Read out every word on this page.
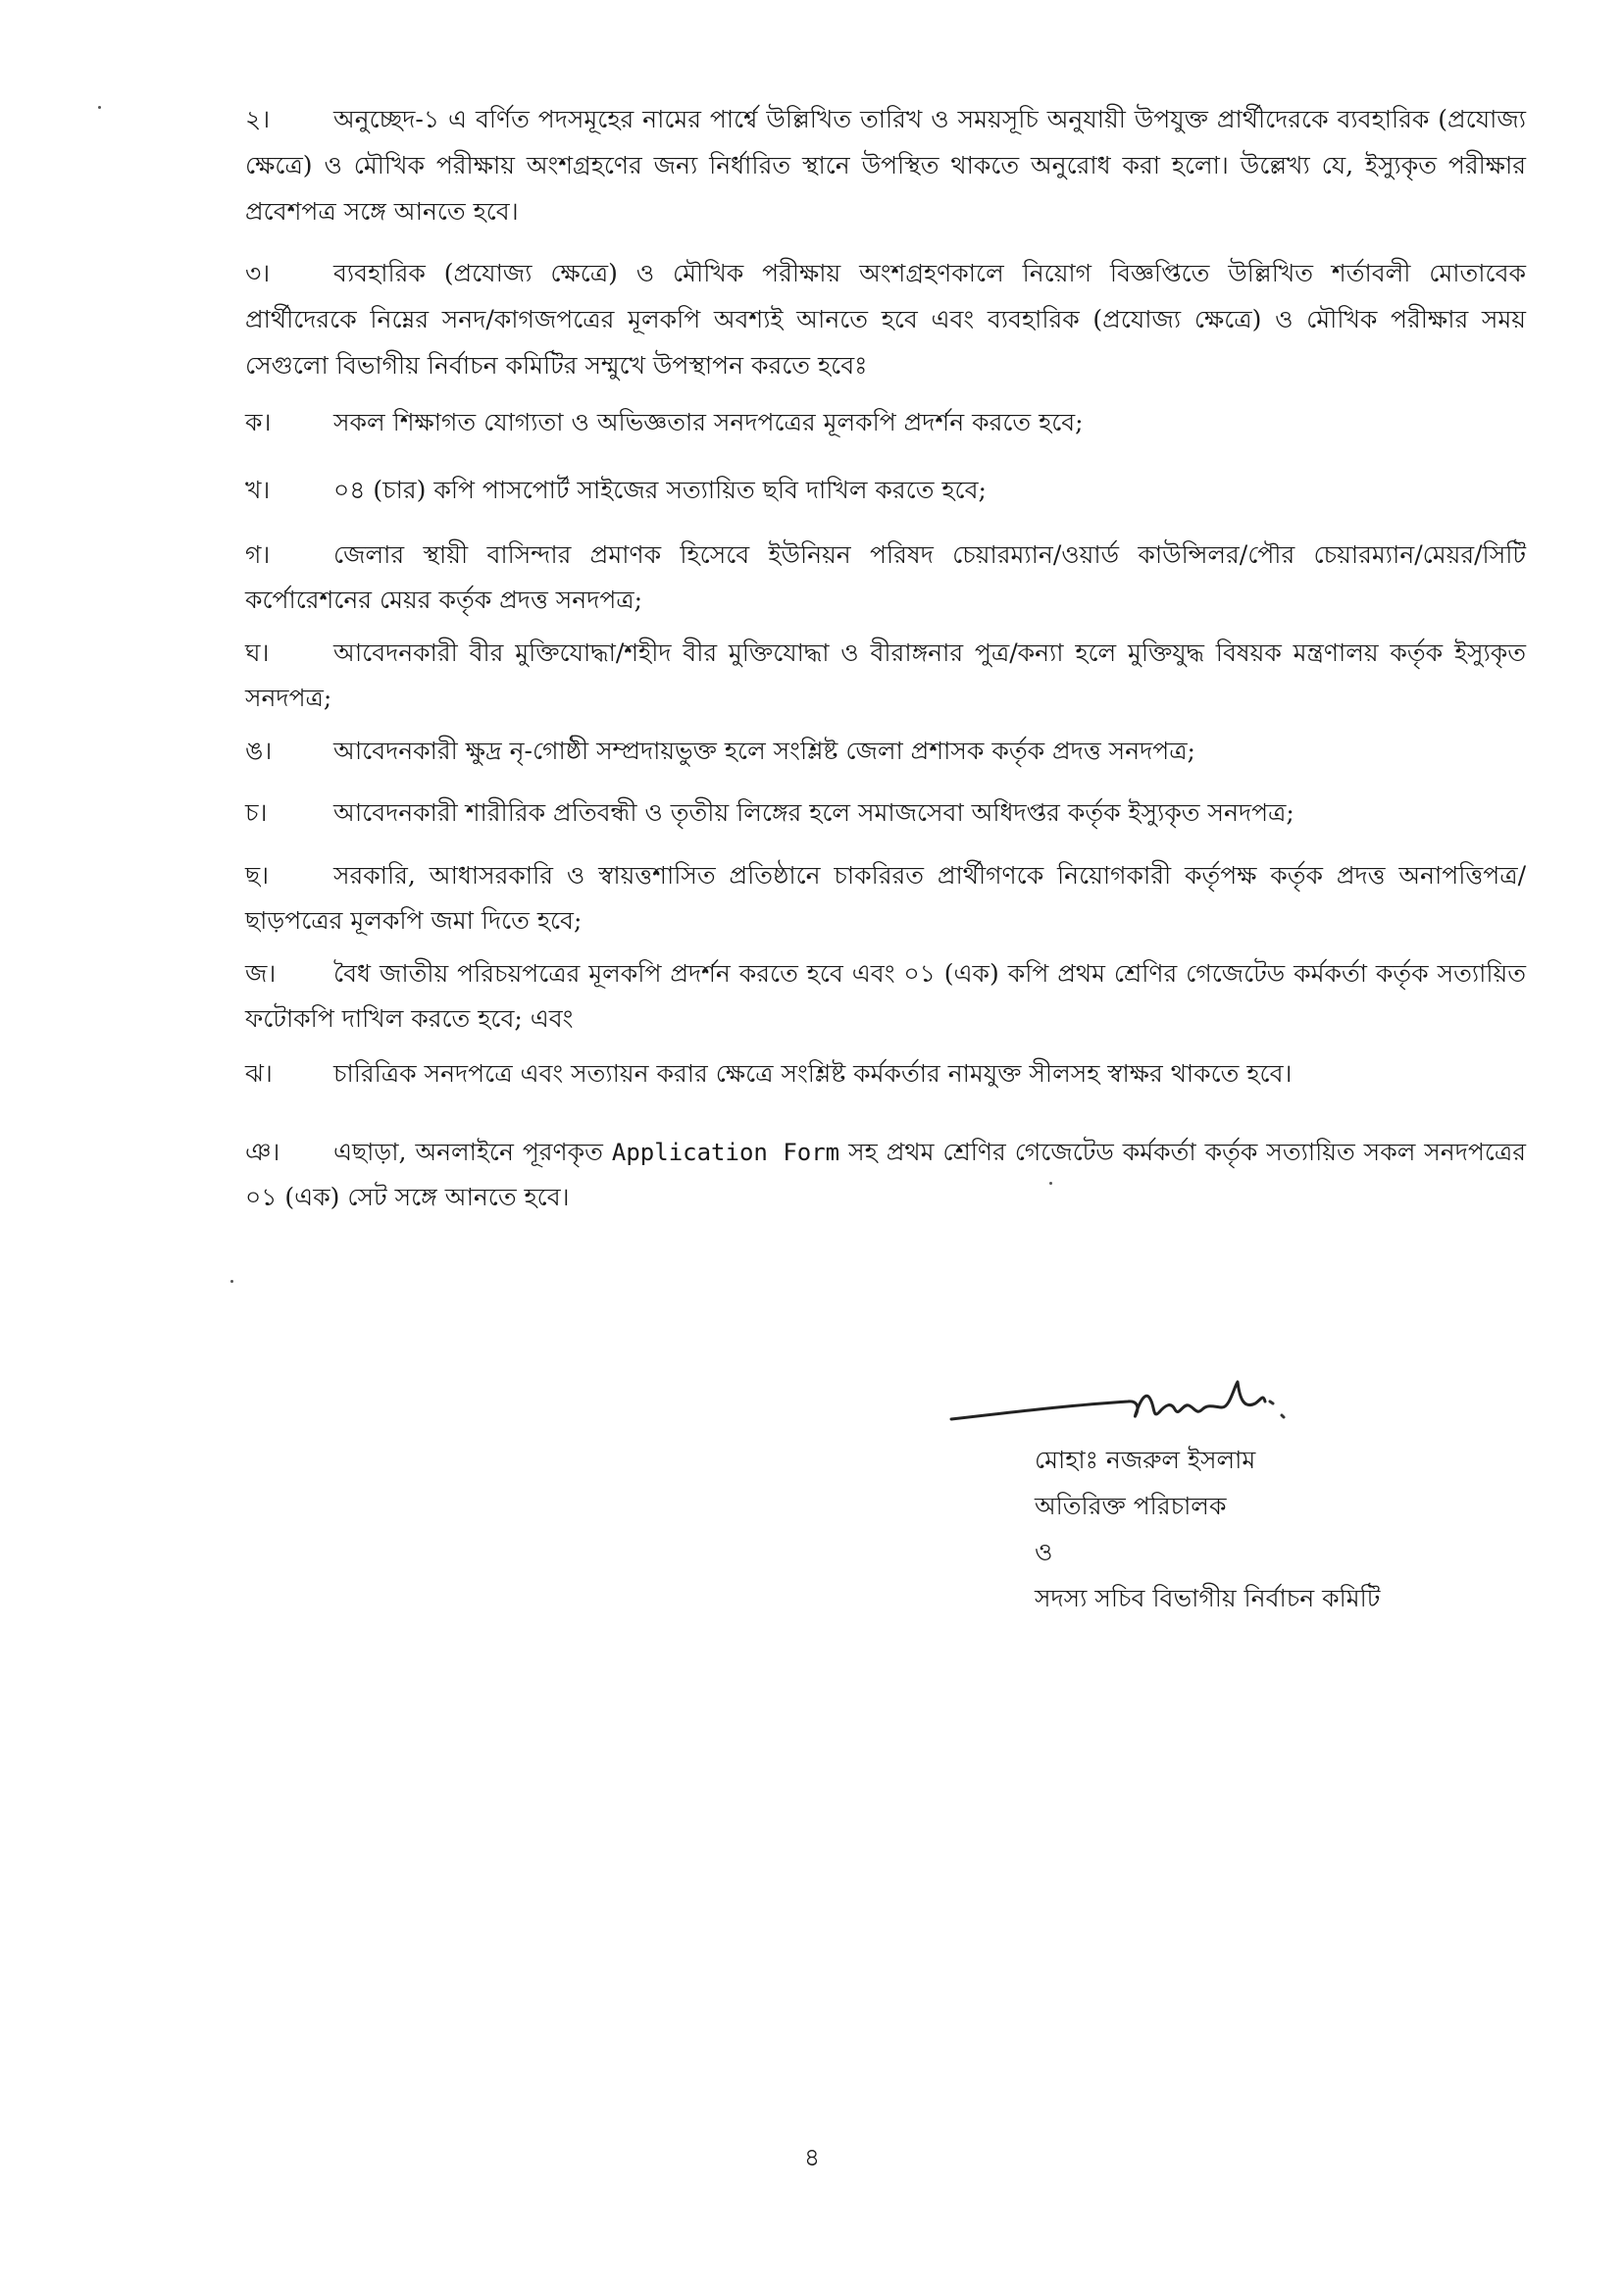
২।	অনুচ্ছেদ-১ এ বর্ণিত পদসমূহের নামের পার্শ্বে উল্লিখিত তারিখ ও সময়সূচি অনুযায়ী উপযুক্ত প্রার্থীদেরকে ব্যবহারিক (প্রযোজ্য ক্ষেত্রে) ও মৌখিক পরীক্ষায় অংশগ্রহণের জন্য নির্ধারিত স্থানে উপস্থিত থাকতে অনুরোধ করা হলো। উল্লেখ্য যে, ইস্যুকৃত পরীক্ষার প্রবেশপত্র সঙ্গে আনতে হবে।
৩।	ব্যবহারিক (প্রযোজ্য ক্ষেত্রে) ও মৌখিক পরীক্ষায় অংশগ্রহণকালে নিয়োগ বিজ্ঞপ্তিতে উল্লিখিত শর্তাবলী মোতাবেক প্রার্থীদেরকে নিম্নের সনদ/কাগজপত্রের মূলকপি অবশ্যই আনতে হবে এবং ব্যবহারিক (প্রযোজ্য ক্ষেত্রে) ও মৌখিক পরীক্ষার সময় সেগুলো বিভাগীয় নির্বাচন কমিটির সম্মুখে উপস্থাপন করতে হবেঃ
ক।	সকল শিক্ষাগত যোগ্যতা ও অভিজ্ঞতার সনদপত্রের মূলকপি প্রদর্শন করতে হবে;
খ।	০৪ (চার) কপি পাসপোর্ট সাইজের সত্যায়িত ছবি দাখিল করতে হবে;
গ।	জেলার স্থায়ী বাসিন্দার প্রমাণক হিসেবে ইউনিয়ন পরিষদ চেয়ারম্যান/ওয়ার্ড কাউন্সিলর/পৌর চেয়ারম্যান/মেয়র/সিটি কর্পোরেশনের মেয়র কর্তৃক প্রদত্ত সনদপত্র;
ঘ।	আবেদনকারী বীর মুক্তিযোদ্ধা/শহীদ বীর মুক্তিযোদ্ধা ও বীরাঙ্গনার পুত্র/কন্যা হলে মুক্তিযুদ্ধ বিষয়ক মন্ত্রণালয় কর্তৃক ইস্যুকৃত সনদপত্র;
ঙ।	আবেদনকারী ক্ষুদ্র নৃ-গোষ্ঠী সম্প্রদায়ভুক্ত হলে সংশ্লিষ্ট জেলা প্রশাসক কর্তৃক প্রদত্ত সনদপত্র;
চ।	আবেদনকারী শারীরিক প্রতিবন্ধী ও তৃতীয় লিঙ্গের হলে সমাজসেবা অধিদপ্তর কর্তৃক ইস্যুকৃত সনদপত্র;
ছ।	সরকারি, আধাসরকারি ও স্বায়ত্তশাসিত প্রতিষ্ঠানে চাকরিরত প্রার্থীগণকে নিয়োগকারী কর্তৃপক্ষ কর্তৃক প্রদত্ত অনাপত্তিপত্র/ছাড়পত্রের মূলকপি জমা দিতে হবে;
জ। বৈধ জাতীয় পরিচয়পত্রের মূলকপি প্রদর্শন করতে হবে এবং ০১ (এক) কপি প্রথম শ্রেণির গেজেটেড কর্মকর্তা কর্তৃক সত্যায়িত ফটোকপি দাখিল করতে হবে; এবং
ঝ। চারিত্রিক সনদপত্রে এবং সত্যায়ন করার ক্ষেত্রে সংশ্লিষ্ট কর্মকর্তার নামযুক্ত সীলসহ স্বাক্ষর থাকতে হবে।
ঞ। এছাড়া, অনলাইনে পূরণকৃত Application Form সহ প্রথম শ্রেণির গেজেটেড কর্মকর্তা কর্তৃক সত্যায়িত সকল সনদপত্রের ০১ (এক) সেট সঙ্গে আনতে হবে।
মোহাঃ নজরুল ইসলাম
অতিরিক্ত পরিচালক
ও
সদস্য সচিব বিভাগীয় নির্বাচন কমিটি
৪
